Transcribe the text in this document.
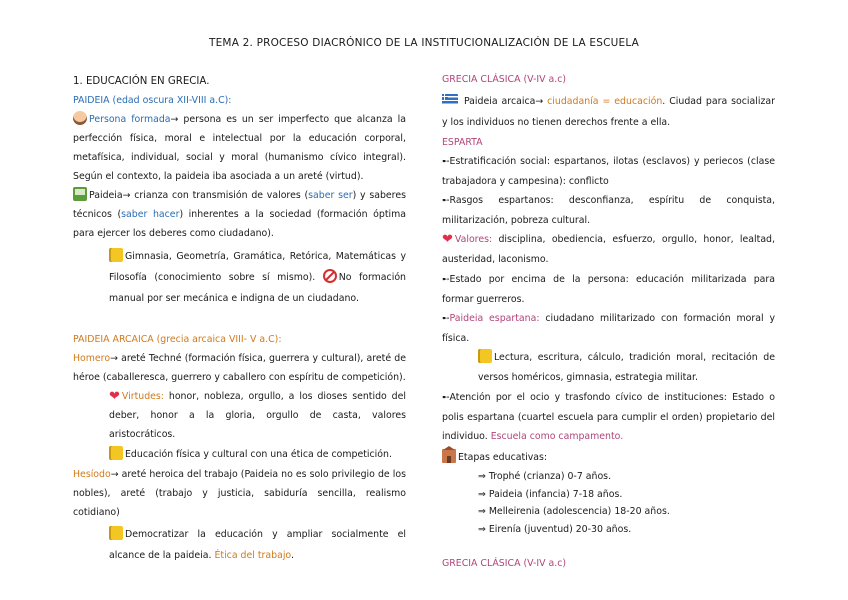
TEMA 2. PROCESO DIACRÓNICO DE LA INSTITUCIONALIZACIÓN DE LA ESCUELA

1. EDUCACIÓN EN GRECIA.

PAIDEIA (edad oscura XII-VIII a.C):

Persona formada→ persona es un ser imperfecto que alcanza la perfección física, moral e intelectual por la educación corporal, metafísica, individual, social y moral (humanismo cívico integral). Según el contexto, la paideia iba asociada a un areté (virtud).

Paideia→ crianza con transmisión de valores (saber ser) y saberes técnicos (saber hacer) inherentes a la sociedad (formación óptima para ejercer los deberes como ciudadano).

Gimnasia, Geometría, Gramática, Retórica, Matemáticas y Filosofía (conocimiento sobre sí mismo). No formación manual por ser mecánica e indigna de un ciudadano.

PAIDEIA ARCAICA (grecia arcaica VIII- V a.C):

Homero→ areté Techné (formación física, guerrera y cultural), areté de héroe (caballeresca, guerrero y caballero con espíritu de competición).

❤ Virtudes: honor, nobleza, orgullo, a los dioses sentido del deber, honor a la gloria, orgullo de casta, valores aristocráticos.

Educación física y cultural con una ética de competición.

Hesíodo→ areté heroica del trabajo (Paideia no es solo privilegio de los nobles), areté (trabajo y justicia, sabiduría sencilla, realismo cotidiano)

Democratizar la educación y ampliar socialmente el alcance de la paideia. Ética del trabajo.

GRECIA CLÁSICA (V-IV a.c)

Paideia arcaica→ ciudadanía = educación. Ciudad para socializar y los individuos no tienen derechos frente a ella.

ESPARTA

➸Estratificación social: espartanos, ilotas (esclavos) y periecos (clase trabajadora y campesina): conflicto

➸Rasgos espartanos: desconfianza, espíritu de conquista, militarización, pobreza cultural.

❤ Valores: disciplina, obediencia, esfuerzo, orgullo, honor, lealtad, austeridad, laconismo.

➸Estado por encima de la persona: educación militarizada para formar guerreros.

➸Paideia espartana: ciudadano militarizado con formación moral y física.

Lectura, escritura, cálculo, tradición moral, recitación de versos homéricos, gimnasia, estrategia militar.

➸Atención por el ocio y trasfondo cívico de instituciones: Estado o polis espartana (cuartel escuela para cumplir el orden) propietario del individuo. Escuela como campamento.

Etapas educativas:

⇒ Trophé (crianza) 0-7 años.

⇒ Paideia (infancia) 7-18 años.

⇒ Melleirenia (adolescencia) 18-20 años.

⇒ Eirenía (juventud) 20-30 años.

GRECIA CLÁSICA (V-IV a.c)
